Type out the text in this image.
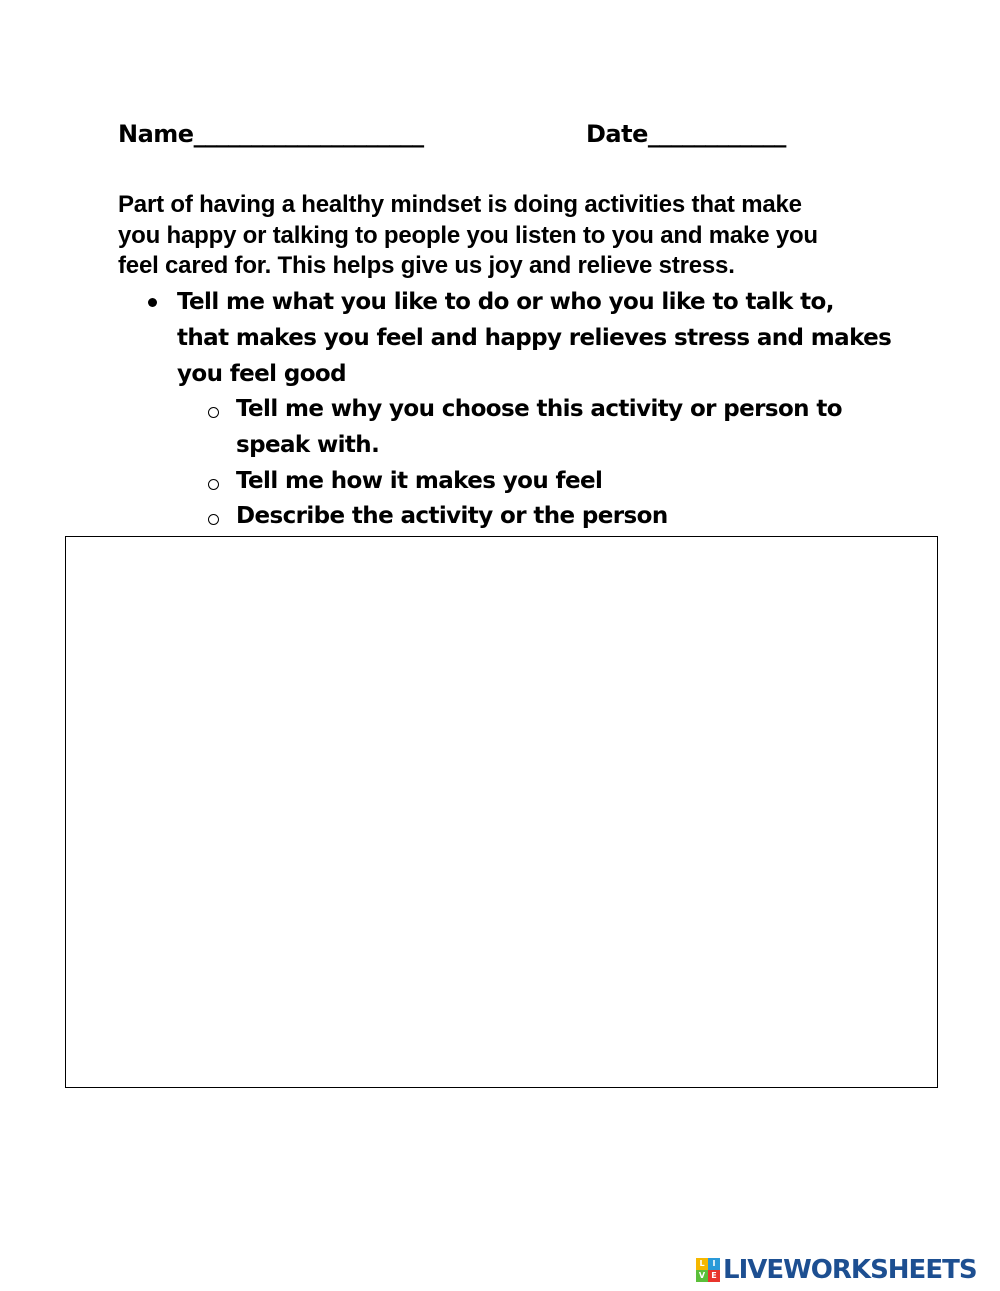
Name____________________	Date____________
Part of having a healthy mindset is doing activities that make
you happy or talking to people you listen to you and make you
feel cared for. This helps give us joy and relieve stress.
Tell me what you like to do or who you like to talk to,
that makes you feel and happy relieves stress and makes
you feel good
Tell me why you choose this activity or person to
speak with.
Tell me how it makes you feel
Describe the activity or the person
L I
V E LIVEWORKSHEETS
